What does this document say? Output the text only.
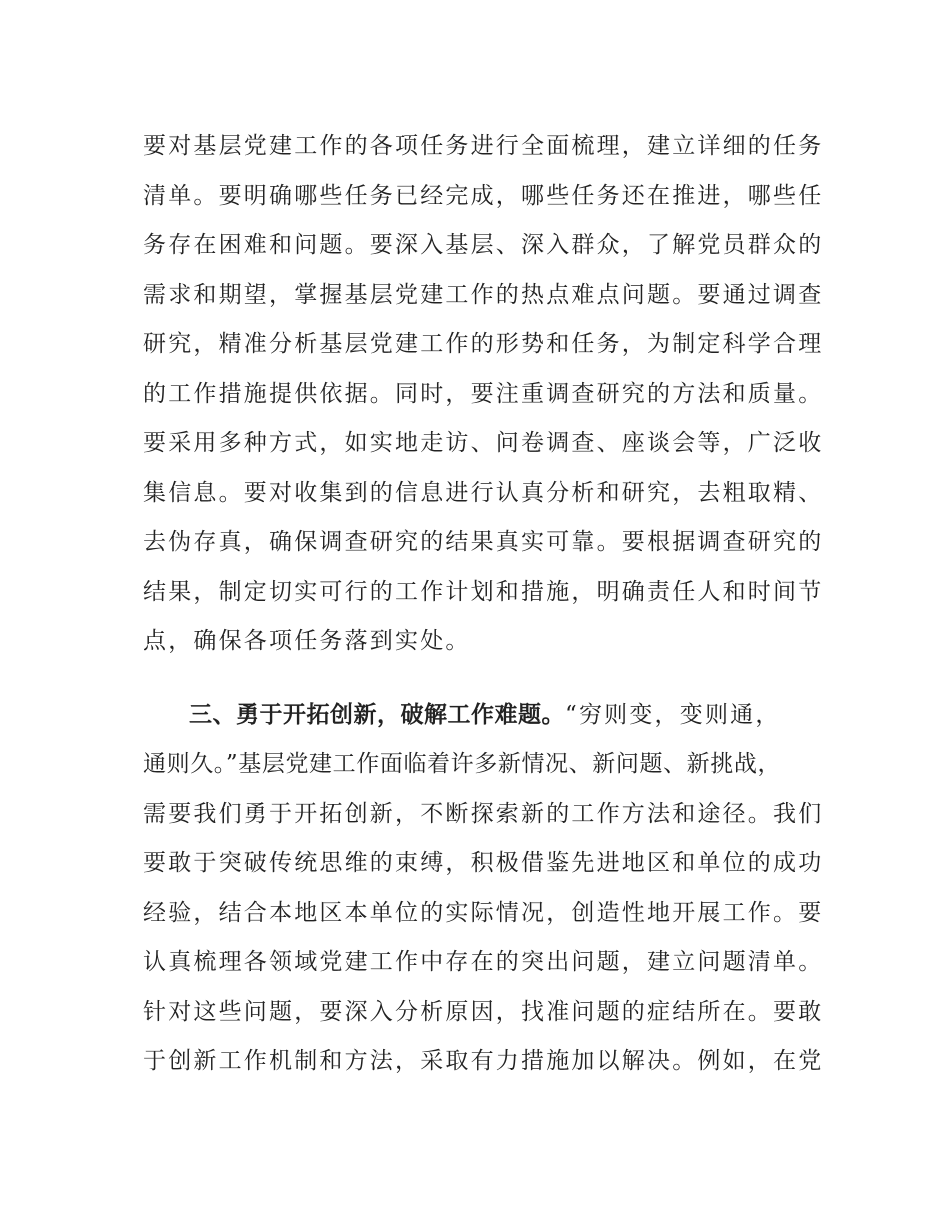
要对基层党建工作的各项任务进行全面梳理，建立详细的任务
清单。要明确哪些任务已经完成，哪些任务还在推进，哪些任
务存在困难和问题。要深入基层、深入群众，了解党员群众的
需求和期望，掌握基层党建工作的热点难点问题。要通过调查
研究，精准分析基层党建工作的形势和任务，为制定科学合理
的工作措施提供依据。同时，要注重调查研究的方法和质量。
要采用多种方式，如实地走访、问卷调查、座谈会等，广泛收
集信息。要对收集到的信息进行认真分析和研究，去粗取精、
去伪存真，确保调查研究的结果真实可靠。要根据调查研究的
结果，制定切实可行的工作计划和措施，明确责任人和时间节
点，确保各项任务落到实处。
三、勇于开拓创新，破解工作难题。“穷则变，变则通，
通则久。”基层党建工作面临着许多新情况、新问题、新挑战，
需要我们勇于开拓创新，不断探索新的工作方法和途径。我们
要敢于突破传统思维的束缚，积极借鉴先进地区和单位的成功
经验，结合本地区本单位的实际情况，创造性地开展工作。要
认真梳理各领域党建工作中存在的突出问题，建立问题清单。
针对这些问题，要深入分析原因，找准问题的症结所在。要敢
于创新工作机制和方法，采取有力措施加以解决。例如，在党
